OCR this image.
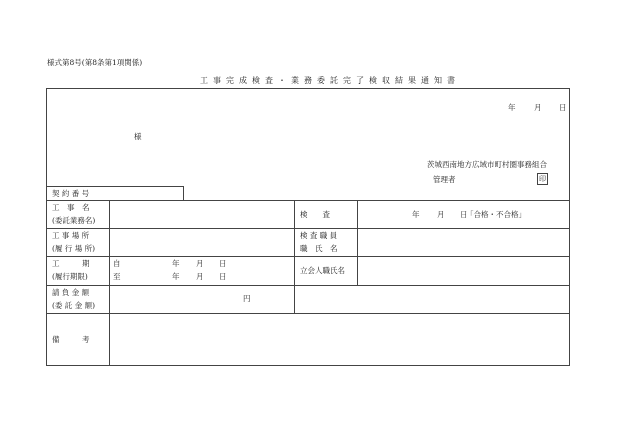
様式第8号(第8条第1項関係)
工事完成検査・業務委託完了検収結果通知書
年 月 日
様
茨城西南地方広域市町村圏事務組合
管理者	印
契 約 番 号
工　事　名
(委託業務名)
検　　査	年 月 日
「合格・不合格」
工 事 場 所
(履 行 場 所)
検 査 職 員
職　氏　名
工　　　期
(履行期限)
自
至
年 月 日
年 月 日
立会人職氏名
請 負 金 額
(委 託 金 額)
円
備　　　考
